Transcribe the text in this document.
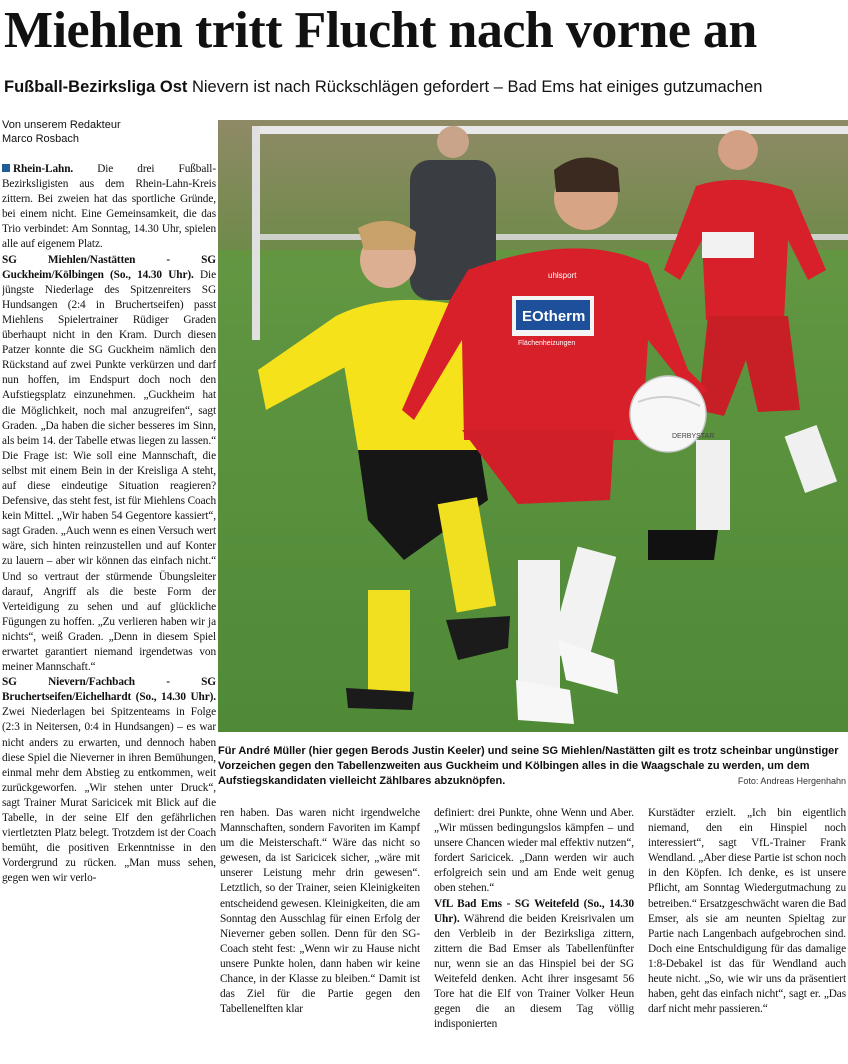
Miehlen tritt Flucht nach vorne an
Fußball-Bezirksliga Ost Nievern ist nach Rückschlägen gefordert – Bad Ems hat einiges gutzumachen
Von unserem Redakteur
Marco Rosbach

Rhein-Lahn. Die drei Fußball-Bezirksligisten aus dem Rhein-Lahn-Kreis zittern. Bei zweien hat das sportliche Gründe, bei einem nicht. Eine Gemeinsamkeit, die das Trio verbindet: Am Sonntag, 14.30 Uhr, spielen alle auf eigenem Platz.

SG Miehlen/Nastätten - SG Guckheim/Kölbingen (So., 14.30 Uhr). Die jüngste Niederlage des Spitzenreiters SG Hundsangen (2:4 in Bruchertseifen) passt Miehlens Spielertrainer Rüdiger Graden überhaupt nicht in den Kram. Durch diesen Patzer konnte die SG Guckheim nämlich den Rückstand auf zwei Punkte verkürzen und darf nun hoffen, im Endspurt doch noch den Aufstiegsplatz einzunehmen. „Guckheim hat die Möglichkeit, noch mal anzugreifen“, sagt Graden. „Da haben die sicher besseres im Sinn, als beim 14. der Tabelle etwas liegen zu lassen.“ Die Frage ist: Wie soll eine Mannschaft, die selbst mit einem Bein in der Kreisliga A steht, auf diese eindeutige Situation reagieren? Defensive, das steht fest, ist für Miehlens Coach kein Mittel. „Wir haben 54 Gegentore kassiert“, sagt Graden. „Auch wenn es einen Versuch wert wäre, sich hinten reinzustellen und auf Konter zu lauern – aber wir können das einfach nicht.“ Und so vertraut der stürmende Übungsleiter darauf, Angriff als die beste Form der Verteidigung zu sehen und auf glückliche Fügungen zu hoffen. „Zu verlieren haben wir ja nichts“, weiß Graden. „Denn in diesem Spiel erwartet garantiert niemand irgendetwas von meiner Mannschaft.“

SG Nievern/Fachbach - SG Bruchertseifen/Eichelhardt (So., 14.30 Uhr). Zwei Niederlagen bei Spitzenteams in Folge (2:3 in Neitersen, 0:4 in Hundsangen) – es war nicht anders zu erwarten, und dennoch haben diese Spiel die Nieverner in ihren Bemühungen, einmal mehr dem Abstieg zu entkommen, weit zurückgeworfen. „Wir stehen unter Druck“, sagt Trainer Murat Saricicek mit Blick auf die Tabelle, in der seine Elf den gefährlichen viertletzten Platz belegt. Trotzdem ist der Coach bemüht, die positiven Erkenntnisse in den Vordergrund zu rücken. „Man muss sehen, gegen wen wir verlo-

EOtherm
Flächenheizungen
uhlsport
DERBYSTAR
Für André Müller (hier gegen Berods Justin Keeler) und seine SG Miehlen/Nastätten gilt es trotz scheinbar ungünstiger Vorzeichen gegen den Tabellenzweiten aus Guckheim und Kölbingen alles in die Waagschale zu werden, um dem Aufstiegskandidaten vielleicht Zählbares abzuknöpfen.	Foto: Andreas Hergenhahn

ren haben. Das waren nicht irgendwelche Mannschaften, sondern Favoriten im Kampf um die Meisterschaft.“ Wäre das nicht so gewesen, da ist Saricicek sicher, „wäre mit unserer Leistung mehr drin gewesen“. Letztlich, so der Trainer, seien Kleinigkeiten entscheidend gewesen. Kleinigkeiten, die am Sonntag den Ausschlag für einen Erfolg der Nieverner geben sollen. Denn für den SG-Coach steht fest: „Wenn wir zu Hause nicht unsere Punkte holen, dann haben wir keine Chance, in der Klasse zu bleiben.“ Damit ist das Ziel für die Partie gegen den Tabellenelften klar

definiert: drei Punkte, ohne Wenn und Aber. „Wir müssen bedingungslos kämpfen – und unsere Chancen wieder mal effektiv nutzen“, fordert Saricicek. „Dann werden wir auch erfolgreich sein und am Ende weit genug oben stehen.“

VfL Bad Ems - SG Weitefeld (So., 14.30 Uhr). Während die beiden Kreisrivalen um den Verbleib in der Bezirksliga zittern, zittern die Bad Emser als Tabellenfünfter nur, wenn sie an das Hinspiel bei der SG Weitefeld denken. Acht ihrer insgesamt 56 Tore hat die Elf von Trainer Volker Heun gegen die an diesem Tag völlig indisponierten

Kurstädter erzielt. „Ich bin eigentlich niemand, den ein Hinspiel noch interessiert“, sagt VfL-Trainer Frank Wendland. „Aber diese Partie ist schon noch in den Köpfen. Ich denke, es ist unsere Pflicht, am Sonntag Wiedergutmachung zu betreiben.“ Ersatzgeschwächt waren die Bad Emser, als sie am neunten Spieltag zur Partie nach Langenbach aufgebrochen sind. Doch eine Entschuldigung für das damalige 1:8-Debakel ist das für Wendland auch heute nicht. „So, wie wir uns da präsentiert haben, geht das einfach nicht“, sagt er. „Das darf nicht mehr passieren.“
